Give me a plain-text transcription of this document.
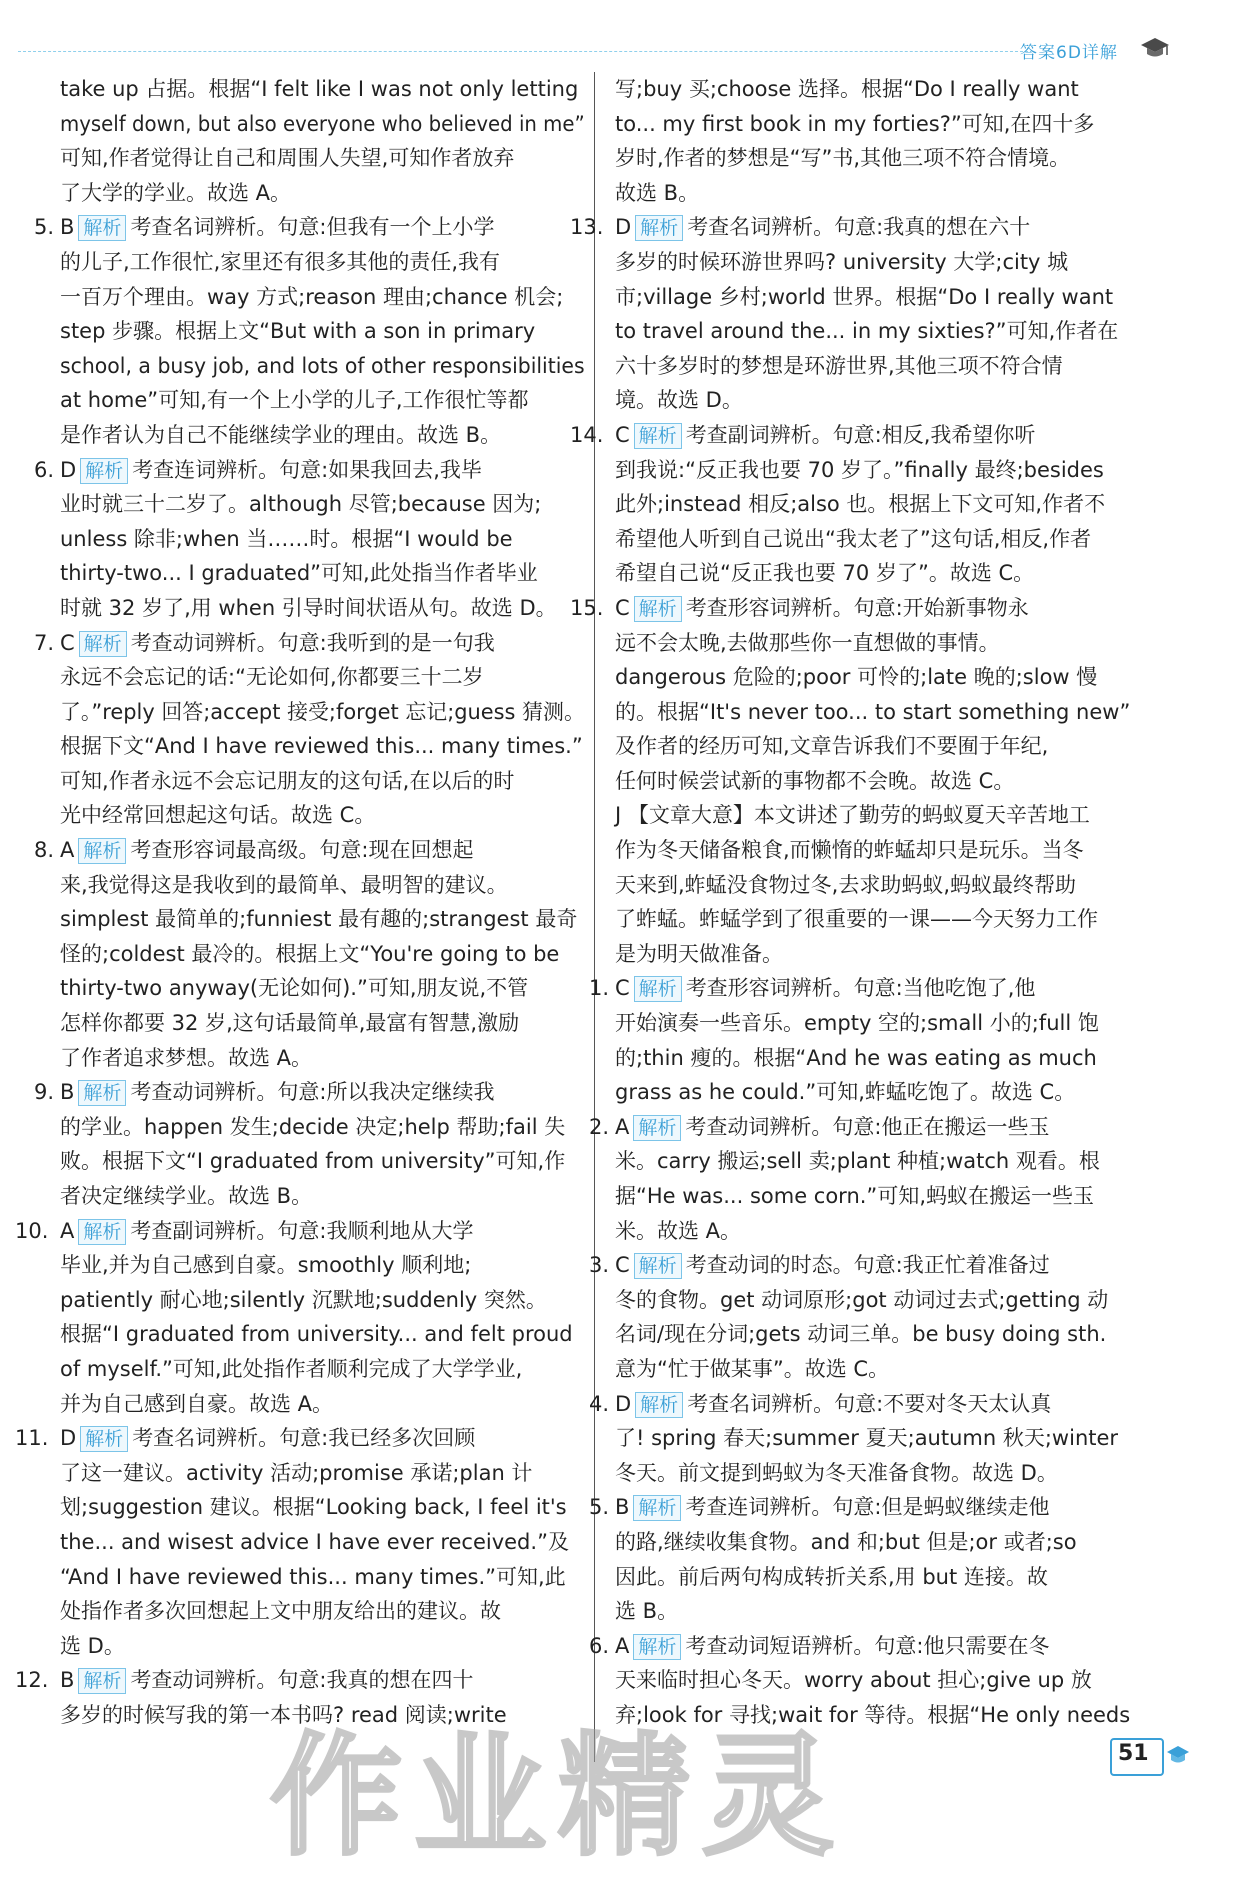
答案6D详解
take up 占据。根据“I felt like I was not only letting
myself down, but also everyone who believed in me”
可知,作者觉得让自己和周围人失望,可知作者放弃
了大学的学业。故选 A。
5. B 解析 考查名词辨析。句意:但我有一个上小学
的儿子,工作很忙,家里还有很多其他的责任,我有
一百万个理由。way 方式;reason 理由;chance 机会;
step 步骤。根据上文“But with a son in primary
school, a busy job, and lots of other responsibilities
at home”可知,有一个上小学的儿子,工作很忙等都
是作者认为自己不能继续学业的理由。故选 B。
6. D 解析 考查连词辨析。句意:如果我回去,我毕
业时就三十二岁了。although 尽管;because 因为;
unless 除非;when 当……时。根据“I would be
thirty-two... I graduated”可知,此处指当作者毕业
时就 32 岁了,用 when 引导时间状语从句。故选 D。
7. C 解析 考查动词辨析。句意:我听到的是一句我
永远不会忘记的话:“无论如何,你都要三十二岁
了。”reply 回答;accept 接受;forget 忘记;guess 猜测。
根据下文“And I have reviewed this... many times.”
可知,作者永远不会忘记朋友的这句话,在以后的时
光中经常回想起这句话。故选 C。
8. A 解析 考查形容词最高级。句意:现在回想起
来,我觉得这是我收到的最简单、最明智的建议。
simplest 最简单的;funniest 最有趣的;strangest 最奇
怪的;coldest 最冷的。根据上文“You're going to be
thirty-two anyway(无论如何).”可知,朋友说,不管
怎样你都要 32 岁,这句话最简单,最富有智慧,激励
了作者追求梦想。故选 A。
9. B 解析 考查动词辨析。句意:所以我决定继续我
的学业。happen 发生;decide 决定;help 帮助;fail 失
败。根据下文“I graduated from university”可知,作
者决定继续学业。故选 B。
10. A 解析 考查副词辨析。句意:我顺利地从大学
毕业,并为自己感到自豪。smoothly 顺利地;
patiently 耐心地;silently 沉默地;suddenly 突然。
根据“I graduated from university... and felt proud
of myself.”可知,此处指作者顺利完成了大学学业,
并为自己感到自豪。故选 A。
11. D 解析 考查名词辨析。句意:我已经多次回顾
了这一建议。activity 活动;promise 承诺;plan 计
划;suggestion 建议。根据“Looking back, I feel it's
the... and wisest advice I have ever received.”及
“And I have reviewed this... many times.”可知,此
处指作者多次回想起上文中朋友给出的建议。故
选 D。
12. B 解析 考查动词辨析。句意:我真的想在四十
多岁的时候写我的第一本书吗? read 阅读;write
写;buy 买;choose 选择。根据“Do I really want
to... my first book in my forties?”可知,在四十多
岁时,作者的梦想是“写”书,其他三项不符合情境。
故选 B。
13. D 解析 考查名词辨析。句意:我真的想在六十
多岁的时候环游世界吗? university 大学;city 城
市;village 乡村;world 世界。根据“Do I really want
to travel around the... in my sixties?”可知,作者在
六十多岁时的梦想是环游世界,其他三项不符合情
境。故选 D。
14. C 解析 考查副词辨析。句意:相反,我希望你听
到我说:“反正我也要 70 岁了。”finally 最终;besides
此外;instead 相反;also 也。根据上下文可知,作者不
希望他人听到自己说出“我太老了”这句话,相反,作者
希望自己说“反正我也要 70 岁了”。故选 C。
15. C 解析 考查形容词辨析。句意:开始新事物永
远不会太晚,去做那些你一直想做的事情。
dangerous 危险的;poor 可怜的;late 晚的;slow 慢
的。根据“It's never too... to start something new”
及作者的经历可知,文章告诉我们不要囿于年纪,
任何时候尝试新的事物都不会晚。故选 C。
J 【文章大意】本文讲述了勤劳的蚂蚁夏天辛苦地工
作为冬天储备粮食,而懒惰的蚱蜢却只是玩乐。当冬
天来到,蚱蜢没食物过冬,去求助蚂蚁,蚂蚁最终帮助
了蚱蜢。蚱蜢学到了很重要的一课——今天努力工作
是为明天做准备。
1. C 解析 考查形容词辨析。句意:当他吃饱了,他
开始演奏一些音乐。empty 空的;small 小的;full 饱
的;thin 瘦的。根据“And he was eating as much
grass as he could.”可知,蚱蜢吃饱了。故选 C。
2. A 解析 考查动词辨析。句意:他正在搬运一些玉
米。carry 搬运;sell 卖;plant 种植;watch 观看。根
据“He was... some corn.”可知,蚂蚁在搬运一些玉
米。故选 A。
3. C 解析 考查动词的时态。句意:我正忙着准备过
冬的食物。get 动词原形;got 动词过去式;getting 动
名词/现在分词;gets 动词三单。be busy doing sth.
意为“忙于做某事”。故选 C。
4. D 解析 考查名词辨析。句意:不要对冬天太认真
了! spring 春天;summer 夏天;autumn 秋天;winter
冬天。前文提到蚂蚁为冬天准备食物。故选 D。
5. B 解析 考查连词辨析。句意:但是蚂蚁继续走他
的路,继续收集食物。and 和;but 但是;or 或者;so
因此。前后两句构成转折关系,用 but 连接。故
选 B。
6. A 解析 考查动词短语辨析。句意:他只需要在冬
天来临时担心冬天。worry about 担心;give up 放
弃;look for 寻找;wait for 等待。根据“He only needs
作业精灵	51
